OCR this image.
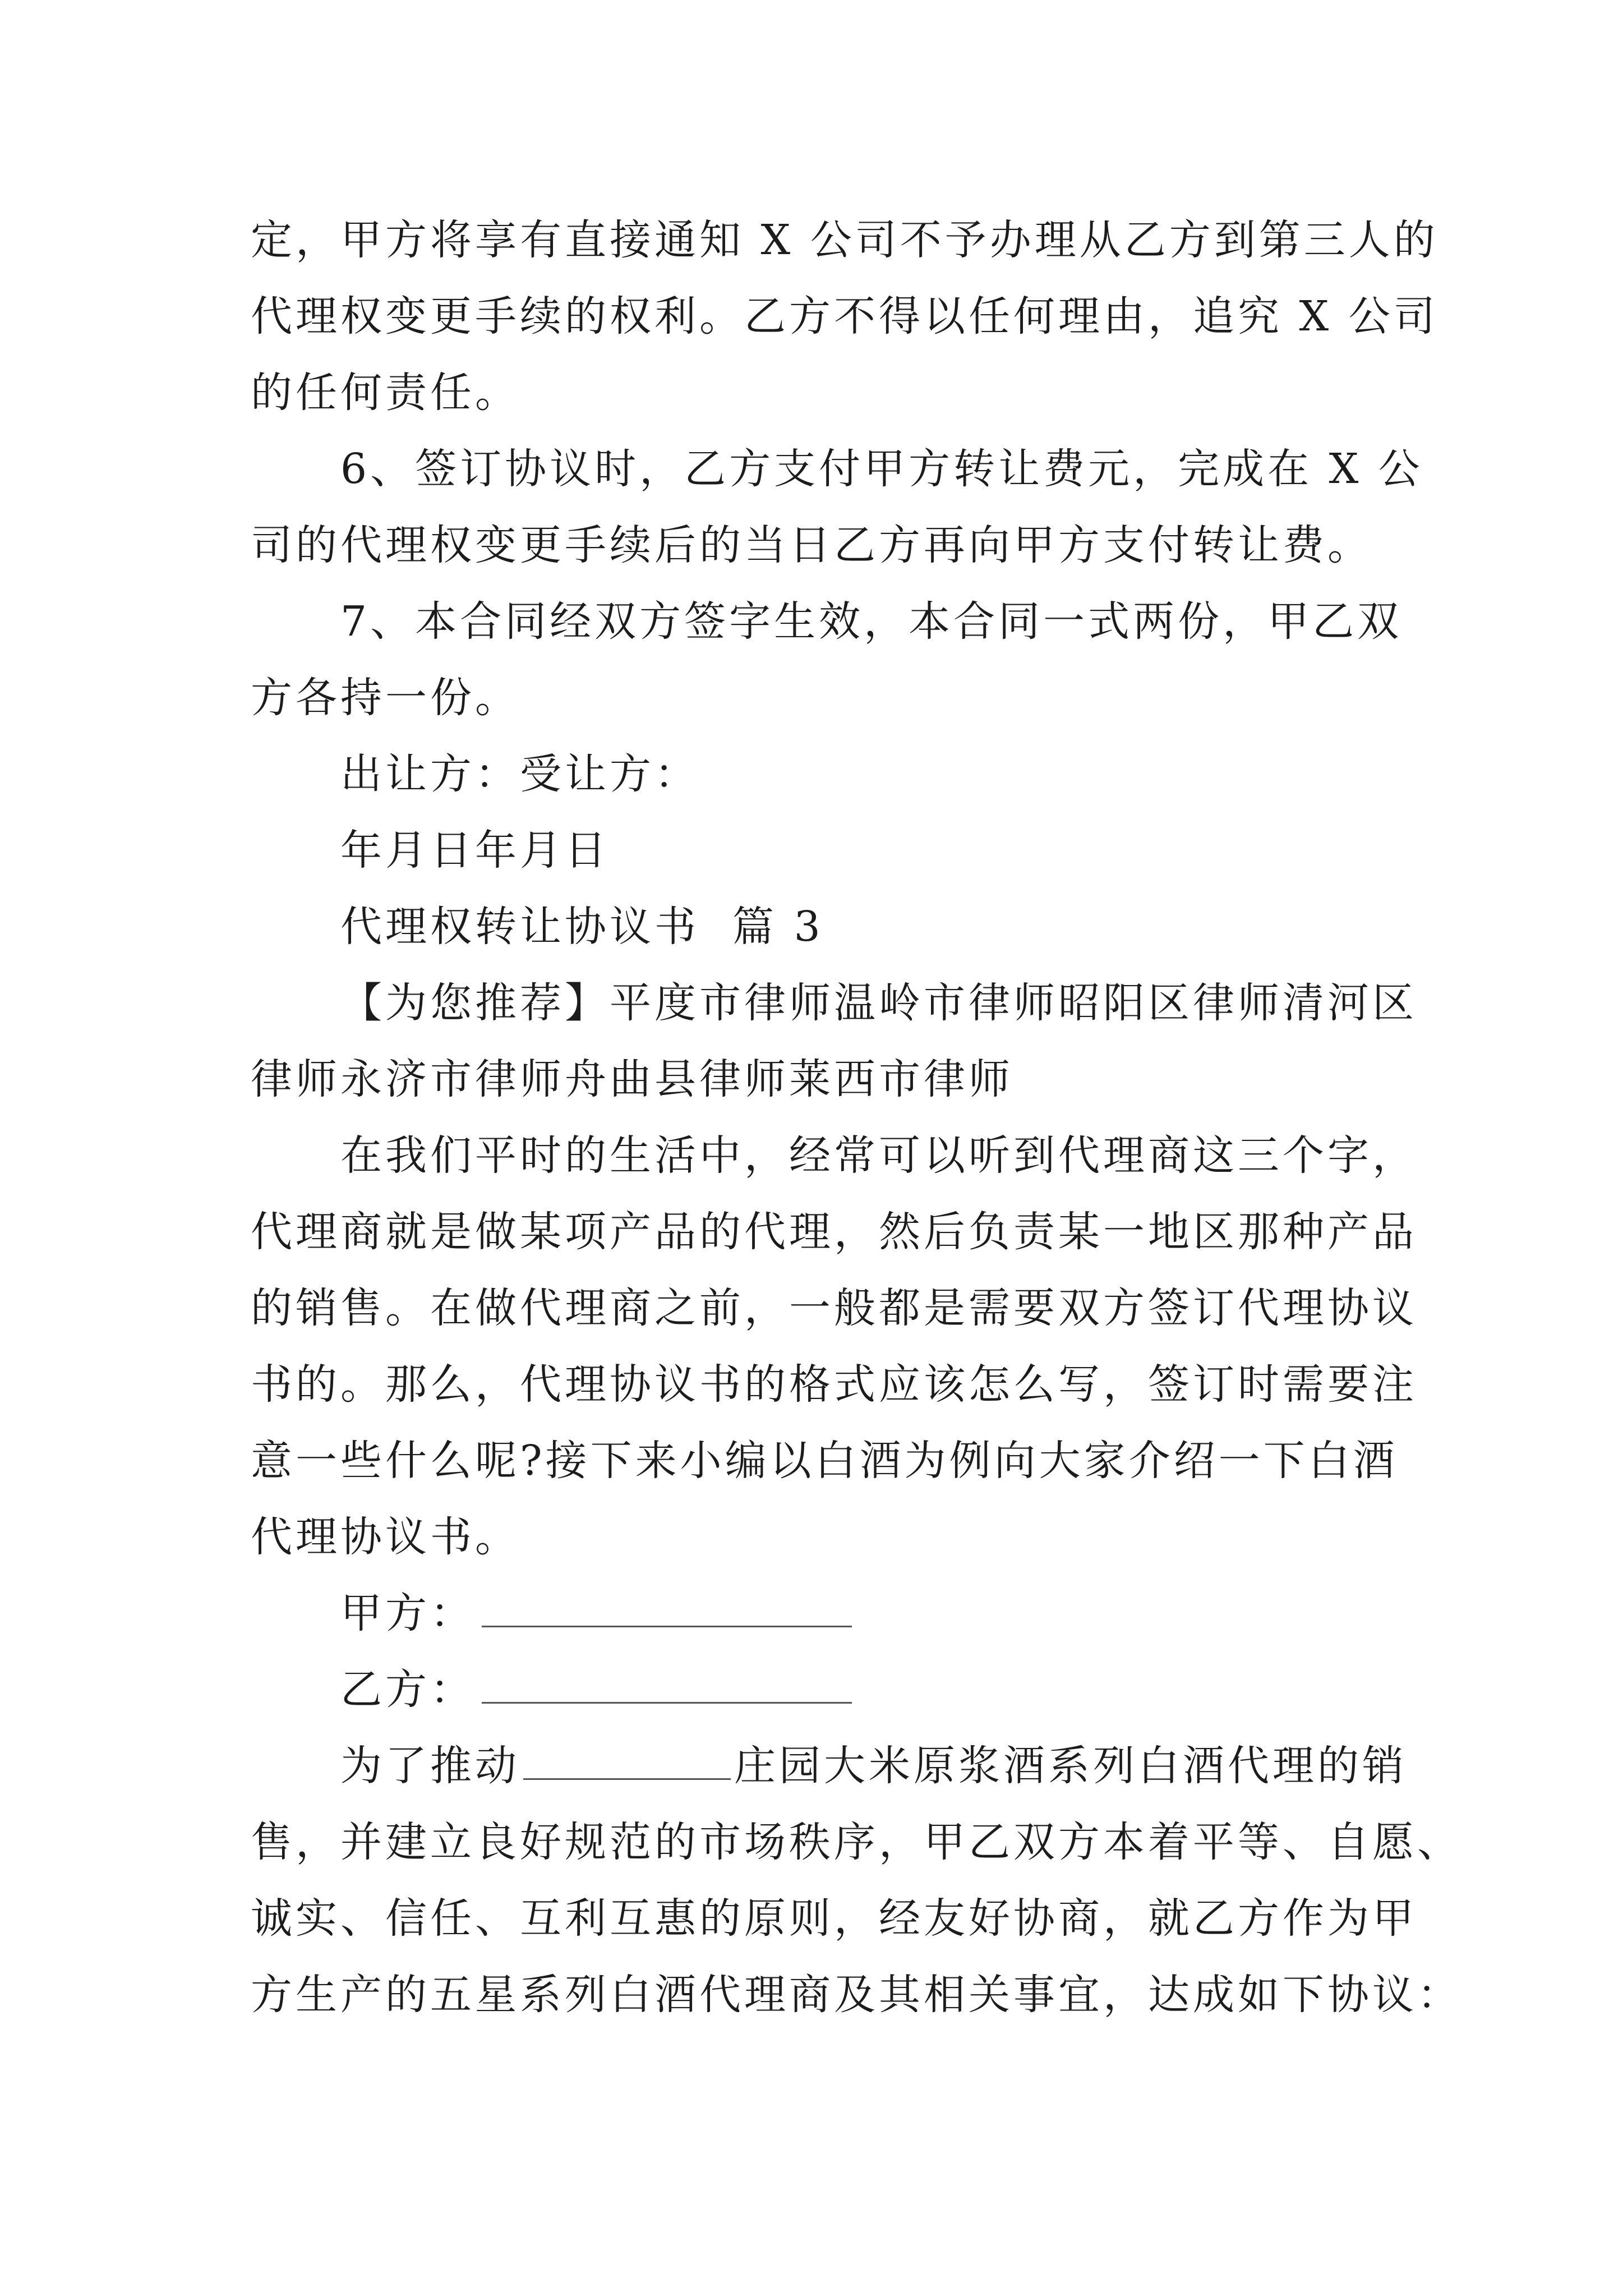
定，甲方将享有直接通知 X 公司不予办理从乙方到第三人的
代理权变更手续的权利。乙方不得以任何理由，追究 X 公司
的任何责任。
6、签订协议时，乙方支付甲方转让费元，完成在 X 公
司的代理权变更手续后的当日乙方再向甲方支付转让费。
7、本合同经双方签字生效，本合同一式两份，甲乙双
方各持一份。
出让方：受让方：
年月日年月日
代理权转让协议书  篇 3
【为您推荐】平度市律师温岭市律师昭阳区律师清河区
律师永济市律师舟曲县律师莱西市律师
在我们平时的生活中，经常可以听到代理商这三个字，
代理商就是做某项产品的代理，然后负责某一地区那种产品
的销售。在做代理商之前，一般都是需要双方签订代理协议
书的。那么，代理协议书的格式应该怎么写，签订时需要注
意一些什么呢?接下来小编以白酒为例向大家介绍一下白酒
代理协议书。
甲方：
乙方：
为了推动	庄园大米原浆酒系列白酒代理的销
售，并建立良好规范的市场秩序，甲乙双方本着平等、自愿、
诚实、信任、互利互惠的原则，经友好协商，就乙方作为甲
方生产的五星系列白酒代理商及其相关事宜，达成如下协议：
